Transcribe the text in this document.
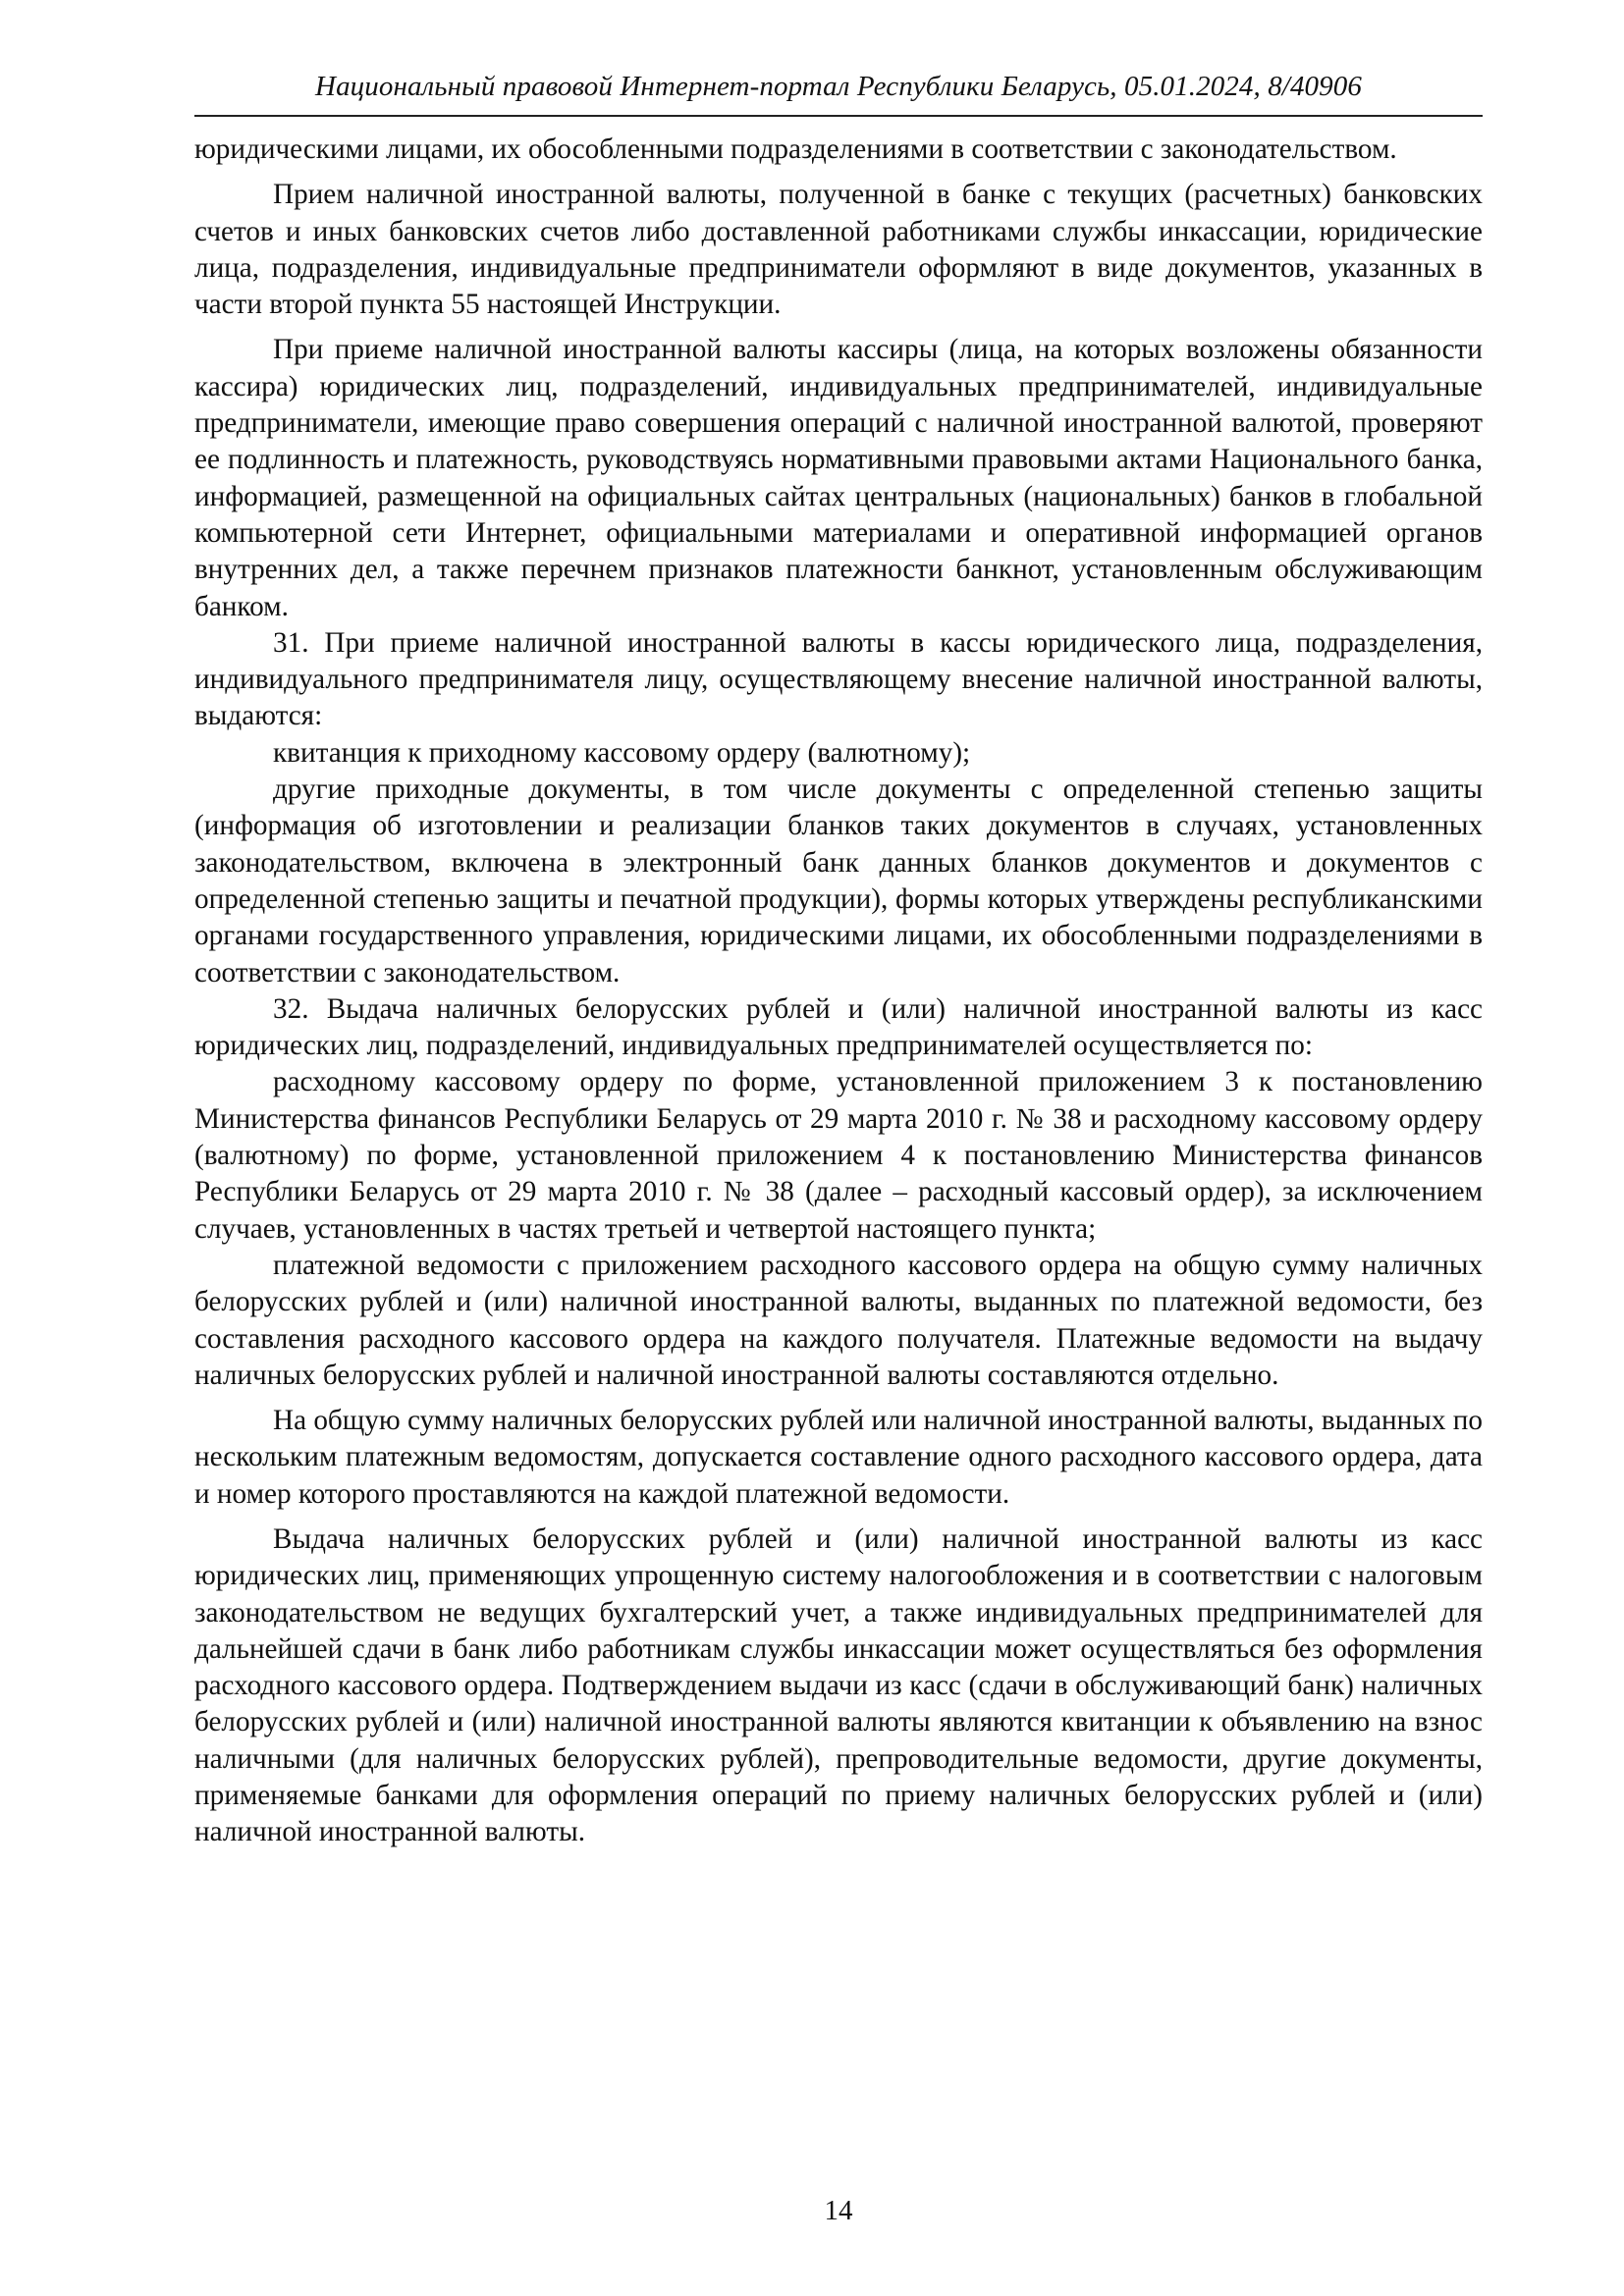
Национальный правовой Интернет-портал Республики Беларусь, 05.01.2024, 8/40906

юридическими лицами, их обособленными подразделениями в соответствии с законодательством.

Прием наличной иностранной валюты, полученной в банке с текущих (расчетных) банковских счетов и иных банковских счетов либо доставленной работниками службы инкассации, юридические лица, подразделения, индивидуальные предприниматели оформляют в виде документов, указанных в части второй пункта 55 настоящей Инструкции.

При приеме наличной иностранной валюты кассиры (лица, на которых возложены обязанности кассира) юридических лиц, подразделений, индивидуальных предпринимателей, индивидуальные предприниматели, имеющие право совершения операций с наличной иностранной валютой, проверяют ее подлинность и платежность, руководствуясь нормативными правовыми актами Национального банка, информацией, размещенной на официальных сайтах центральных (национальных) банков в глобальной компьютерной сети Интернет, официальными материалами и оперативной информацией органов внутренних дел, а также перечнем признаков платежности банкнот, установленным обслуживающим банком.

31. При приеме наличной иностранной валюты в кассы юридического лица, подразделения, индивидуального предпринимателя лицу, осуществляющему внесение наличной иностранной валюты, выдаются:

квитанция к приходному кассовому ордеру (валютному);

другие приходные документы, в том числе документы с определенной степенью защиты (информация об изготовлении и реализации бланков таких документов в случаях, установленных законодательством, включена в электронный банк данных бланков документов и документов с определенной степенью защиты и печатной продукции), формы которых утверждены республиканскими органами государственного управления, юридическими лицами, их обособленными подразделениями в соответствии с законодательством.

32. Выдача наличных белорусских рублей и (или) наличной иностранной валюты из касс юридических лиц, подразделений, индивидуальных предпринимателей осуществляется по:

расходному кассовому ордеру по форме, установленной приложением 3 к постановлению Министерства финансов Республики Беларусь от 29 марта 2010 г. № 38 и расходному кассовому ордеру (валютному) по форме, установленной приложением 4 к постановлению Министерства финансов Республики Беларусь от 29 марта 2010 г. № 38 (далее – расходный кассовый ордер), за исключением случаев, установленных в частях третьей и четвертой настоящего пункта;

платежной ведомости с приложением расходного кассового ордера на общую сумму наличных белорусских рублей и (или) наличной иностранной валюты, выданных по платежной ведомости, без составления расходного кассового ордера на каждого получателя. Платежные ведомости на выдачу наличных белорусских рублей и наличной иностранной валюты составляются отдельно.

На общую сумму наличных белорусских рублей или наличной иностранной валюты, выданных по нескольким платежным ведомостям, допускается составление одного расходного кассового ордера, дата и номер которого проставляются на каждой платежной ведомости.

Выдача наличных белорусских рублей и (или) наличной иностранной валюты из касс юридических лиц, применяющих упрощенную систему налогообложения и в соответствии с налоговым законодательством не ведущих бухгалтерский учет, а также индивидуальных предпринимателей для дальнейшей сдачи в банк либо работникам службы инкассации может осуществляться без оформления расходного кассового ордера. Подтверждением выдачи из касс (сдачи в обслуживающий банк) наличных белорусских рублей и (или) наличной иностранной валюты являются квитанции к объявлению на взнос наличными (для наличных белорусских рублей), препроводительные ведомости, другие документы, применяемые банками для оформления операций по приему наличных белорусских рублей и (или) наличной иностранной валюты.

14
